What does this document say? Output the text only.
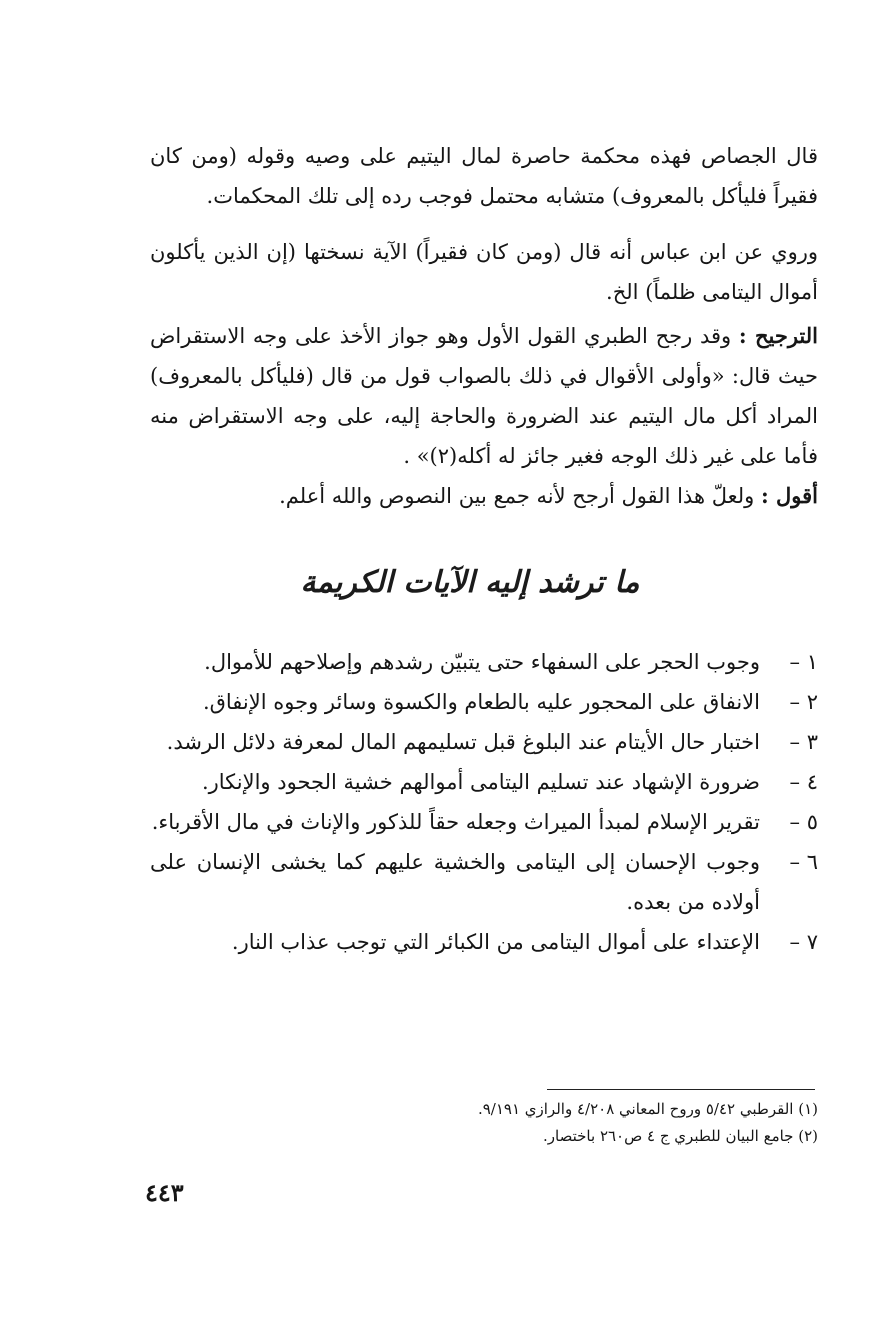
قال الجصاص فهذه محكمة حاصرة لمال اليتيم على وصيه وقوله (ومن كان فقيراً فليأكل بالمعروف) متشابه محتمل فوجب رده إلى تلك المحكمات.

وروي عن ابن عباس أنه قال (ومن كان فقيراً) الآية نسختها (إن الذين يأكلون أموال اليتامى ظلماً) الخ.

الترجيح : وقد رجح الطبري القول الأول وهو جواز الأخذ على وجه الاستقراض حيث قال: «وأولى الأقوال في ذلك بالصواب قول من قال (فليأكل بالمعروف) المراد أكل مال اليتيم عند الضرورة والحاجة إليه، على وجه الاستقراض منه فأما على غير ذلك الوجه فغير جائز له أكله(٢)» .

أقول : ولعلّ هذا القول أرجح لأنه جمع بين النصوص والله أعلم.

ما ترشد إليه الآيات الكريمة
١ –
وجوب الحجر على السفهاء حتى يتبيّن رشدهم وإصلاحهم للأموال.
٢ –
الانفاق على المحجور عليه بالطعام والكسوة وسائر وجوه الإنفاق.
٣ –
اختبار حال الأيتام عند البلوغ قبل تسليمهم المال لمعرفة دلائل الرشد.
٤ –
ضرورة الإشهاد عند تسليم اليتامى أموالهم خشية الجحود والإنكار.
٥ –
تقرير الإسلام لمبدأ الميراث وجعله حقاً للذكور والإناث في مال الأقرباء.
٦ –
وجوب الإحسان إلى اليتامى والخشية عليهم كما يخشى الإنسان على أولاده من بعده.
٧ –
الإعتداء على أموال اليتامى من الكبائر التي توجب عذاب النار.

(١) القرطبي ٥/٤٢ وروح المعاني ٤/٢٠٨ والرازي ٩/١٩١.

(٢) جامع البيان للطبري ج ٤ ص٢٦٠ باختصار.

٤٤٣
